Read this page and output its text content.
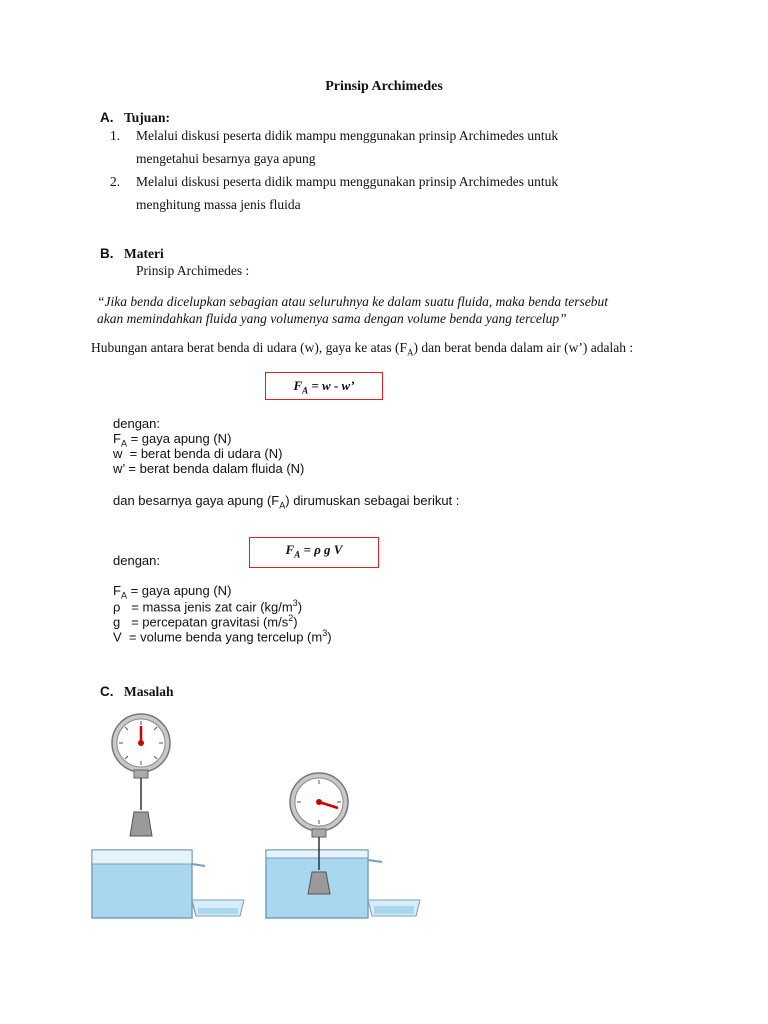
Prinsip Archimedes
A. Tujuan:
1. Melalui diskusi peserta didik mampu menggunakan prinsip Archimedes untuk
mengetahui besarnya gaya apung
2. Melalui diskusi peserta didik mampu menggunakan prinsip Archimedes untuk
menghitung massa jenis fluida
B. Materi
Prinsip Archimedes :
“Jika benda dicelupkan sebagian atau seluruhnya ke dalam suatu fluida, maka benda tersebut
akan memindahkan fluida yang volumenya sama dengan volume benda yang tercelup”
Hubungan antara berat benda di udara (w), gaya ke atas $(F_A)$ dan berat benda dalam air (w’) adalah :
$F_A = w - w$’
dengan:
$F_A$ = gaya apung (N)
w  = berat benda di udara (N)
w’ = berat benda dalam fluida (N)
dan besarnya gaya apung $(F_A)$ dirumuskan sebagai berikut :
$F_A = \rho$ g V
dengan:
$F_A$ = gaya apung (N)
ρ   = massa jenis zat cair $(kg/m^3)$
g   = percepatan gravitasi $(m/s^2)$
V  = volume benda yang tercelup $(m^3)$
C. Masalah
